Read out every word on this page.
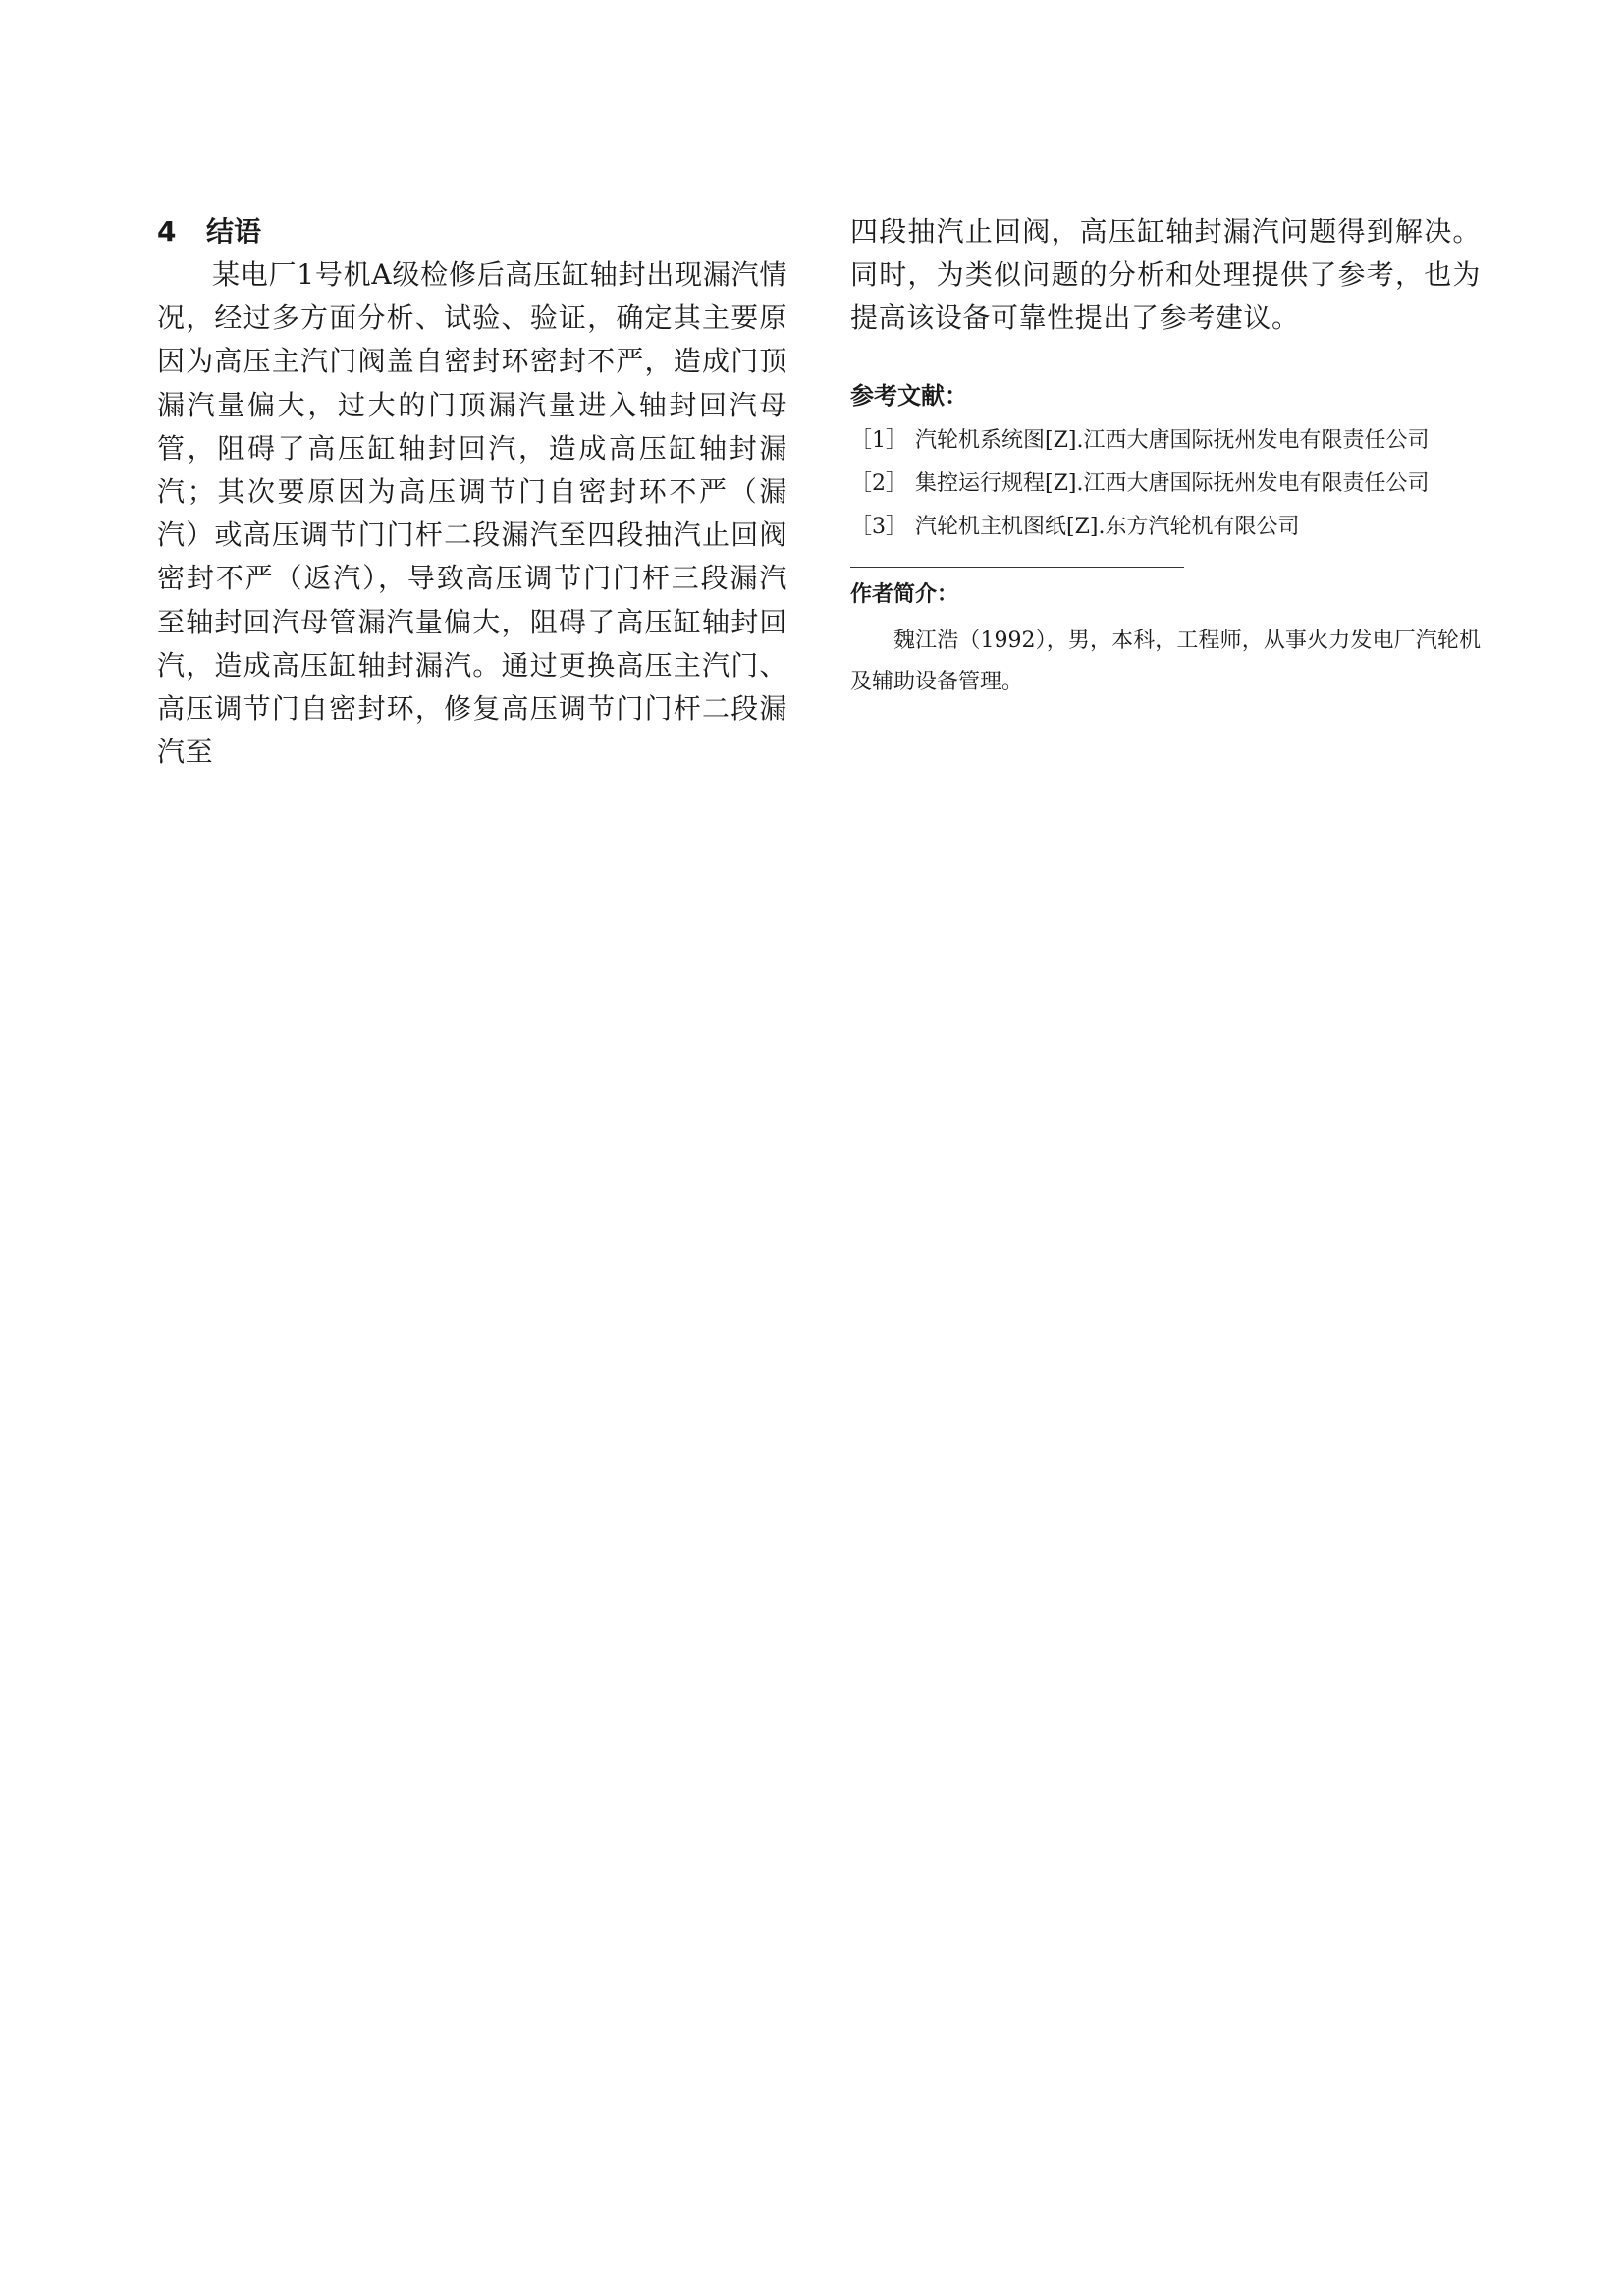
4 结语

某电厂1号机A级检修后高压缸轴封出现漏汽情况，经过多方面分析、试验、验证，确定其主要原因为高压主汽门阀盖自密封环密封不严，造成门顶漏汽量偏大，过大的门顶漏汽量进入轴封回汽母管，阻碍了高压缸轴封回汽，造成高压缸轴封漏汽；其次要原因为高压调节门自密封环不严（漏汽）或高压调节门门杆二段漏汽至四段抽汽止回阀密封不严（返汽），导致高压调节门门杆三段漏汽至轴封回汽母管漏汽量偏大，阻碍了高压缸轴封回汽，造成高压缸轴封漏汽。通过更换高压主汽门、高压调节门自密封环，修复高压调节门门杆二段漏汽至

四段抽汽止回阀，高压缸轴封漏汽问题得到解决。同时，为类似问题的分析和处理提供了参考，也为提高该设备可靠性提出了参考建议。

参考文献：
［1］ 汽轮机系统图[Z].江西大唐国际抚州发电有限责任公司
［2］ 集控运行规程[Z].江西大唐国际抚州发电有限责任公司
［3］ 汽轮机主机图纸[Z].东方汽轮机有限公司
作者简介：

魏江浩（1992），男，本科，工程师，从事火力发电厂汽轮机及辅助设备管理。
